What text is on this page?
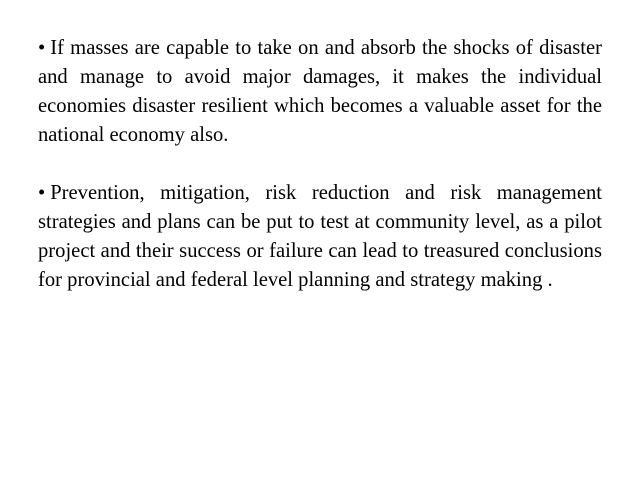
• If masses are capable to take on and absorb the shocks of disaster and manage to avoid major damages, it makes the individual economies disaster resilient which becomes a valuable asset for the national economy also.

• Prevention, mitigation, risk reduction and risk management strategies and plans can be put to test at community level, as a pilot project and their success or failure can lead to treasured conclusions for provincial and federal level planning and strategy making .
